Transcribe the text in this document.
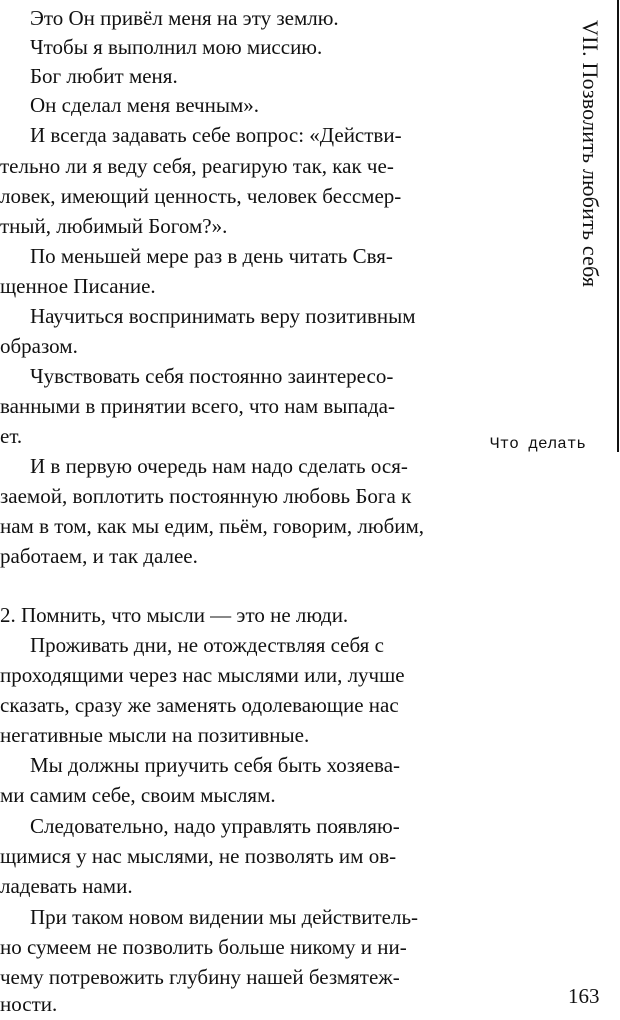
Это Он привёл меня на эту землю.
Чтобы я выполнил мою миссию.
Бог любит меня.
Он сделал меня вечным».
И всегда задавать себе вопрос: «Действи-
тельно ли я веду себя, реагирую так, как че-
ловек, имеющий ценность, человек бессмер-
тный, любимый Богом?».
По меньшей мере раз в день читать Свя-
щенное Писание.
Научиться воспринимать веру позитивным
образом.
Чувствовать себя постоянно заинтересо-
ванными в принятии всего, что нам выпада-
ет.
И в первую очередь нам надо сделать ося-
заемой, воплотить постоянную любовь Бога к
нам в том, как мы едим, пьём, говорим, любим,
работаем, и так далее.
2. Помнить, что мысли — это не люди.
Проживать дни, не отождествляя себя с
проходящими через нас мыслями или, лучше
сказать, сразу же заменять одолевающие нас
негативные мысли на позитивные.
Мы должны приучить себя быть хозяева-
ми самим себе, своим мыслям.
Следовательно, надо управлять появляю-
щимися у нас мыслями, не позволять им ов-
ладевать нами.
При таком новом видении мы действитель-
но сумеем не позволить больше никому и ни-
чему потревожить глубину нашей безмятеж-
ности.
VII. Позволить любить себя
Что делать
163
